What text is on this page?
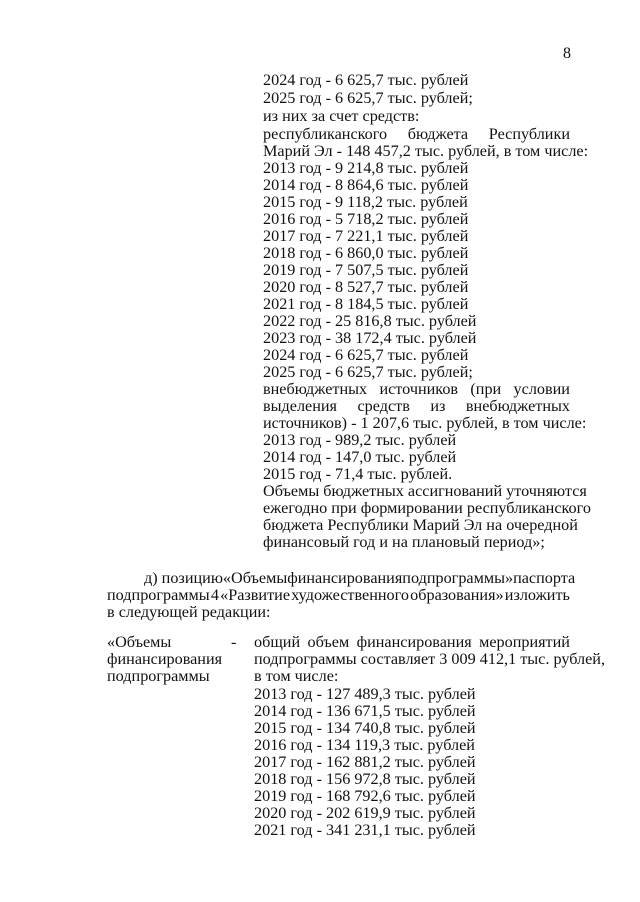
8
2024 год - 6 625,7 тыс. рублей
2025 год - 6 625,7 тыс. рублей;
из них за счет средств:
республиканского бюджета Республики
Марий Эл - 148 457,2 тыс. рублей, в том числе:
2013 год - 9 214,8 тыс. рублей
2014 год - 8 864,6 тыс. рублей
2015 год - 9 118,2 тыс. рублей
2016 год - 5 718,2 тыс. рублей
2017 год - 7 221,1 тыс. рублей
2018 год - 6 860,0 тыс. рублей
2019 год - 7 507,5 тыс. рублей
2020 год - 8 527,7 тыс. рублей
2021 год - 8 184,5 тыс. рублей
2022 год - 25 816,8 тыс. рублей
2023 год - 38 172,4 тыс. рублей
2024 год - 6 625,7 тыс. рублей
2025 год - 6 625,7 тыс. рублей;
внебюджетных источников (при условии
выделения средств из внебюджетных
источников) - 1 207,6 тыс. рублей, в том числе:
2013 год - 989,2 тыс. рублей
2014 год - 147,0 тыс. рублей
2015 год - 71,4 тыс. рублей.
Объемы бюджетных ассигнований уточняются
ежегодно при формировании республиканского
бюджета Республики Марий Эл на очередной
финансовый год и на плановый период»;
д) позицию «Объемы финансирования подпрограммы» паспорта
подпрограммы 4 «Развитие художественного образования» изложить
в следующей редакции:
«Объемы
финансирования
подпрограммы
- общий объем финансирования мероприятий
подпрограммы составляет 3 009 412,1 тыс. рублей,
в том числе:
2013 год - 127 489,3 тыс. рублей
2014 год - 136 671,5 тыс. рублей
2015 год - 134 740,8 тыс. рублей
2016 год - 134 119,3 тыс. рублей
2017 год - 162 881,2 тыс. рублей
2018 год - 156 972,8 тыс. рублей
2019 год - 168 792,6 тыс. рублей
2020 год - 202 619,9 тыс. рублей
2021 год - 341 231,1 тыс. рублей
